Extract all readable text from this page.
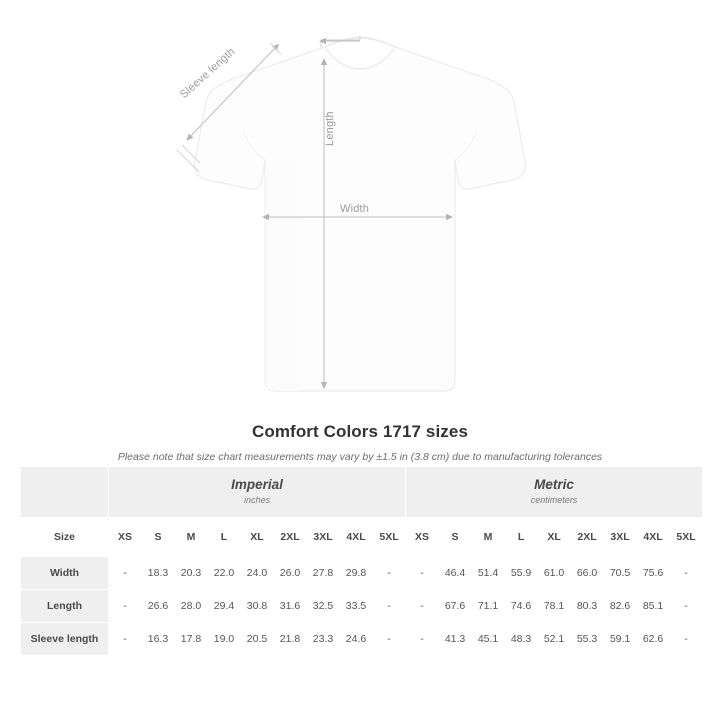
Sleeve length
Length
Width
Comfort Colors 1717 sizes
Please note that size chart measurements may vary by ±1.5 in (3.8 cm) due to manufacturing tolerances

	Imperial
inches									Metric
centimeters								

Size	XS	S	M	L	XL	2XL	3XL	4XL	5XL	XS	S	M	L	XL	2XL	3XL	4XL	5XL
Width	-	18.3	20.3	22.0	24.0	26.0	27.8	29.8	-	-	46.4	51.4	55.9	61.0	66.0	70.5	75.6	-
Length	-	26.6	28.0	29.4	30.8	31.6	32.5	33.5	-	-	67.6	71.1	74.6	78.1	80.3	82.6	85.1	-
Sleeve length	-	16.3	17.8	19.0	20.5	21.8	23.3	24.6	-	-	41.3	45.1	48.3	52.1	55.3	59.1	62.6	-
